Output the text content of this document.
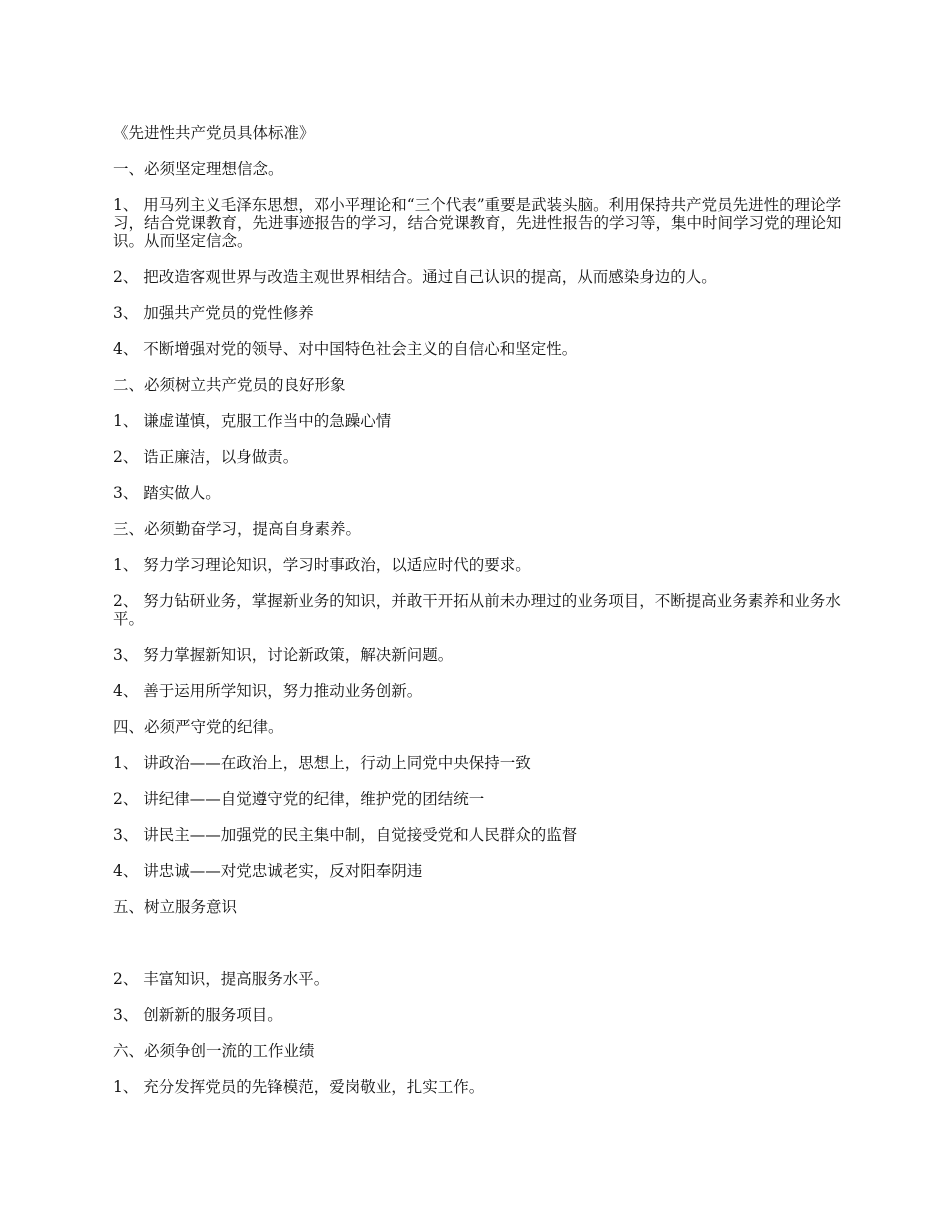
《先进性共产党员具体标准》

一、必须坚定理想信念。

1、 用马列主义毛泽东思想，邓小平理论和“三个代表”重要是武装头脑。利用保持共产党员先进性的理论学习，结合党课教育，先进事迹报告的学习，结合党课教育，先进性报告的学习等，集中时间学习党的理论知识。从而坚定信念。

2、 把改造客观世界与改造主观世界相结合。通过自己认识的提高，从而感染身边的人。

3、 加强共产党员的党性修养

4、 不断增强对党的领导、对中国特色社会主义的自信心和坚定性。

二、必须树立共产党员的良好形象

1、 谦虚谨慎，克服工作当中的急躁心情

2、 诰正廉洁，以身做责。

3、 踏实做人。

三、必须勤奋学习，提高自身素养。

1、 努力学习理论知识，学习时事政治，以适应时代的要求。

2、 努力钻研业务，掌握新业务的知识，并敢干开拓从前未办理过的业务项目，不断提高业务素养和业务水平。

3、 努力掌握新知识，讨论新政策，解决新问题。

4、 善于运用所学知识，努力推动业务创新。

四、必须严守党的纪律。

1、 讲政治——在政治上，思想上，行动上同党中央保持一致

2、 讲纪律——自觉遵守党的纪律，维护党的团结统一

3、 讲民主——加强党的民主集中制，自觉接受党和人民群众的监督

4、 讲忠诚——对党忠诚老实，反对阳奉阴违

五、树立服务意识

2、 丰富知识，提高服务水平。

3、 创新新的服务项目。

六、必须争创一流的工作业绩

1、 充分发挥党员的先锋模范，爱岗敬业，扎实工作。
